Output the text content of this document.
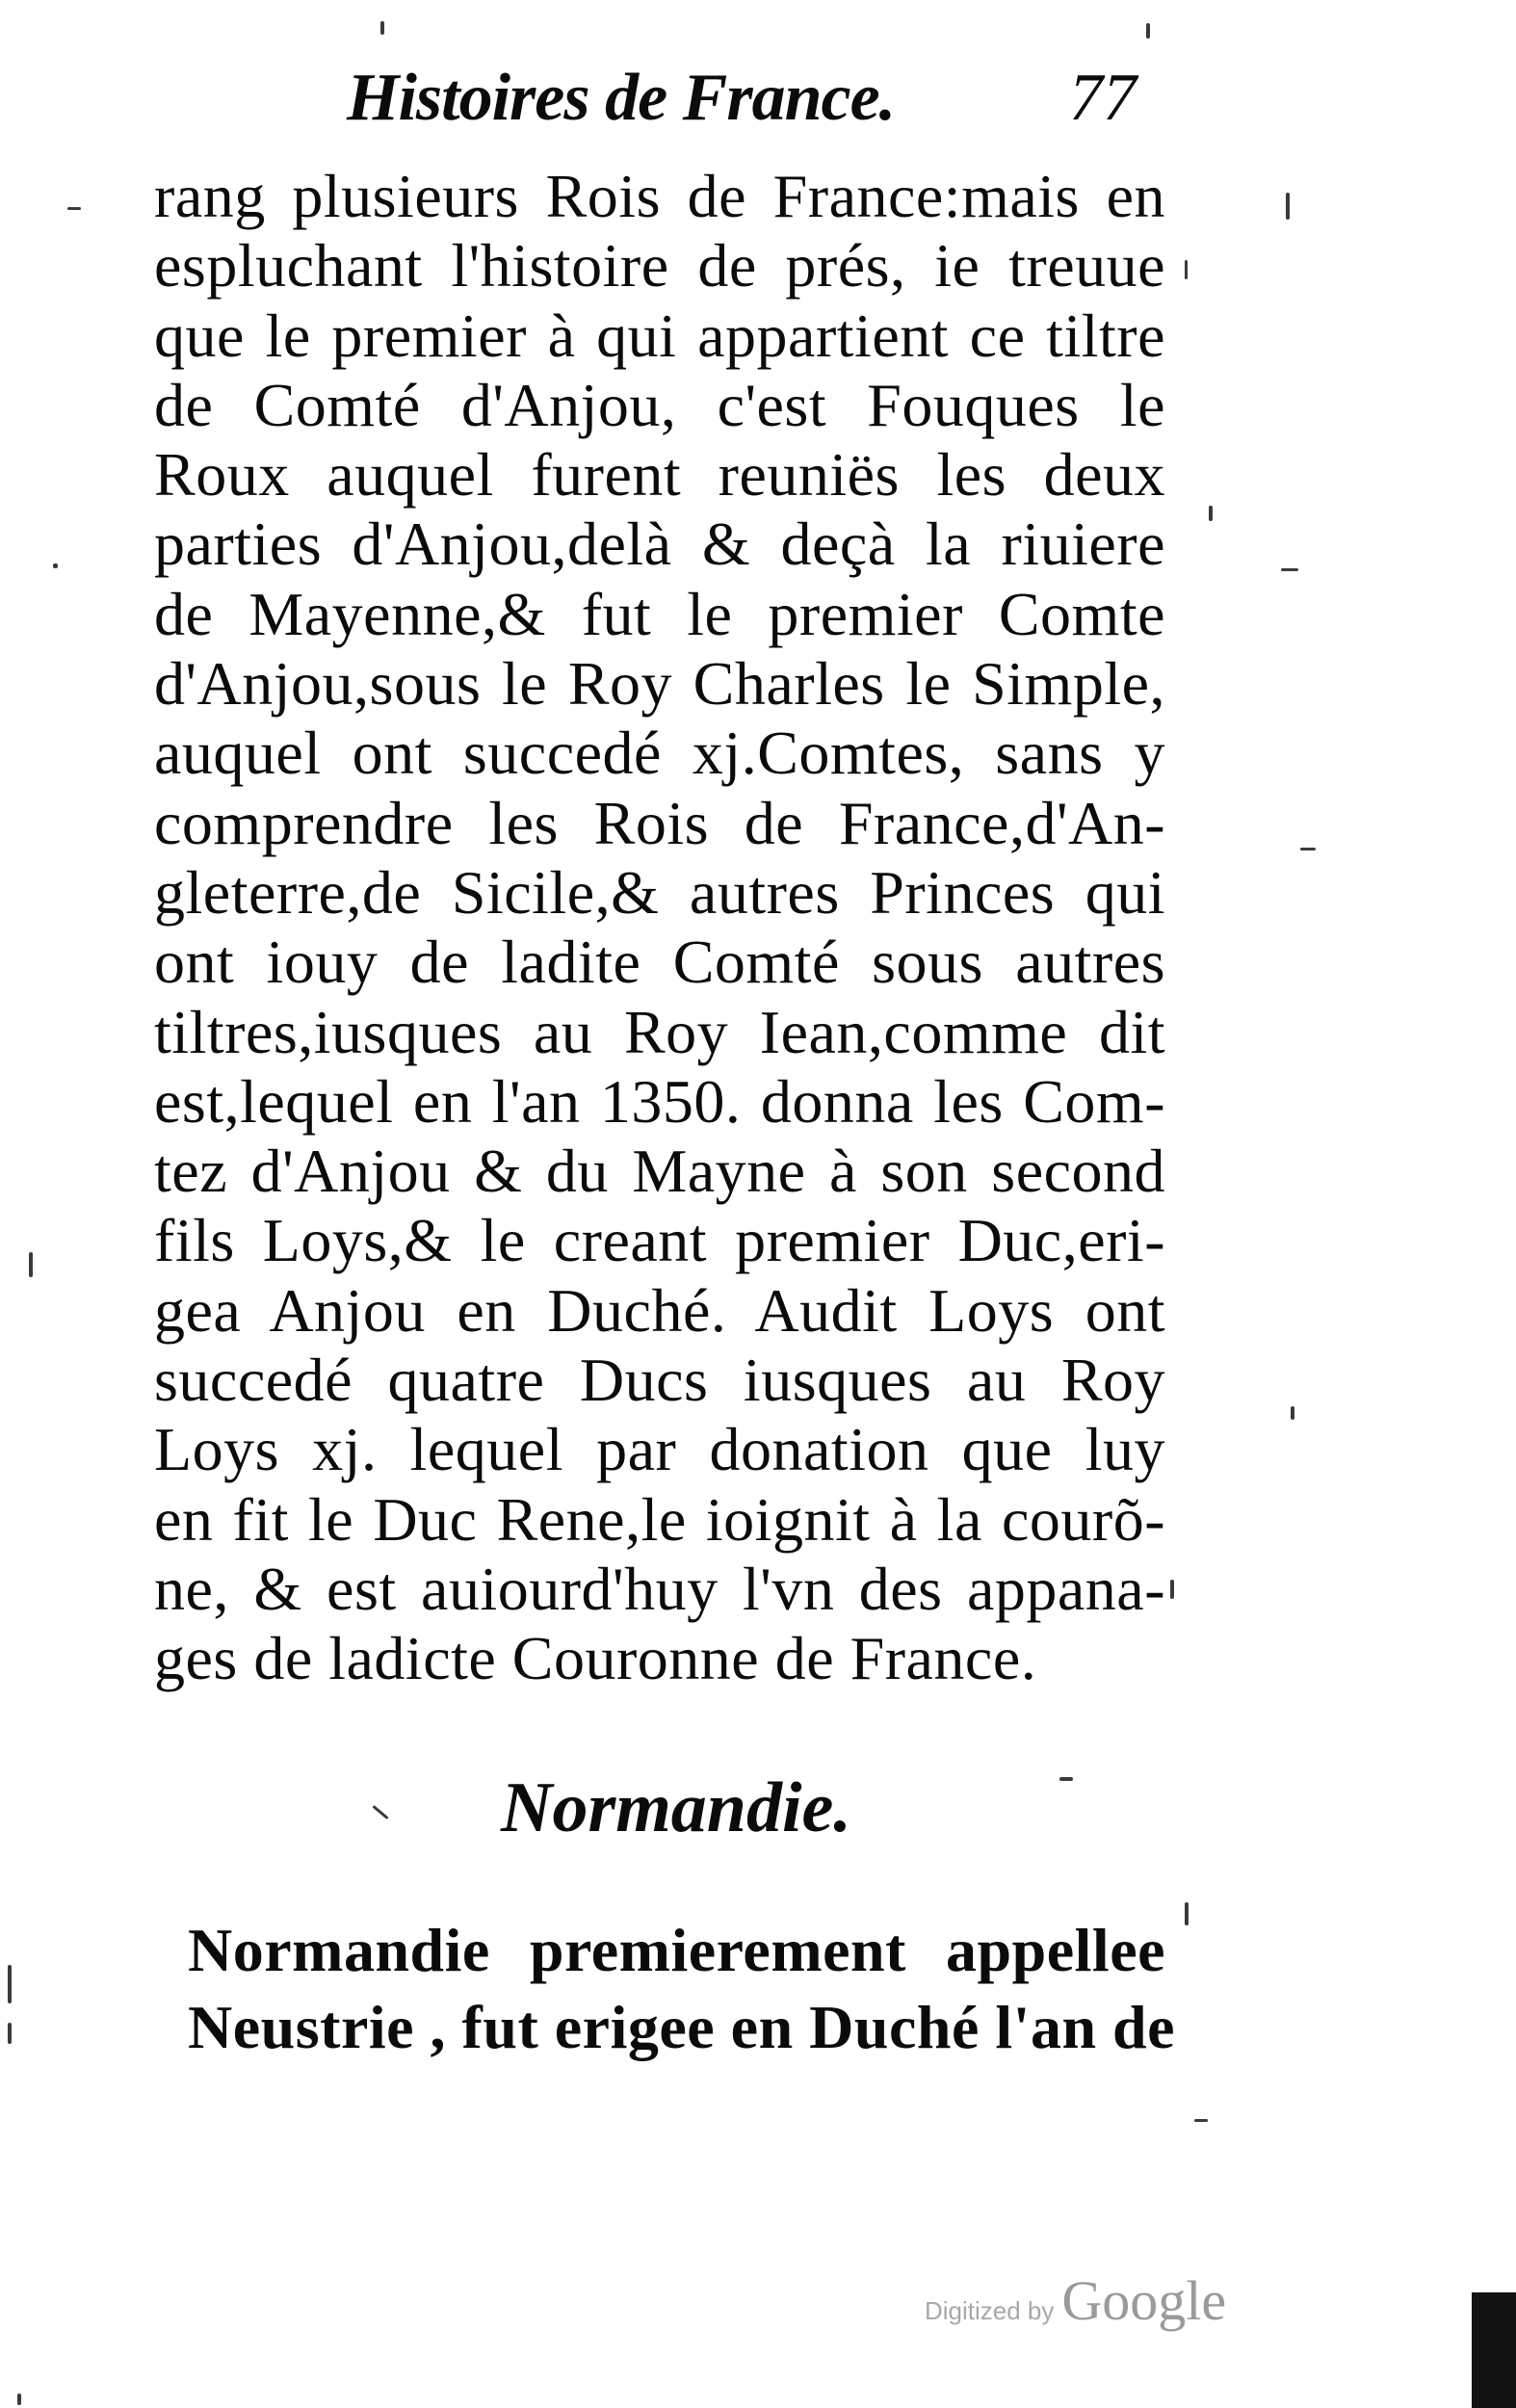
Histoires de France.	77
rang plusieurs Rois de France:mais en
espluchant l'histoire de prés, ie treuue
que le premier à qui appartient ce tiltre
de Comté d'Anjou, c'est Fouques le
Roux auquel furent reuniës les deux
parties d'Anjou,delà & deçà la riuiere
de Mayenne,& fut le premier Comte
d'Anjou,sous le Roy Charles le Simple,
auquel ont succedé xj.Comtes, sans y
comprendre les Rois de France,d'An-
gleterre,de Sicile,& autres Princes qui
ont iouy de ladite Comté sous autres
tiltres,iusques au Roy Iean,comme dit
est,lequel en l'an 1350. donna les Com-
tez d'Anjou & du Mayne à son second
fils Loys,& le creant premier Duc,eri-
gea Anjou en Duché. Audit Loys ont
succedé quatre Ducs iusques au Roy
Loys xj. lequel par donation que luy
en fit le Duc Rene,le ioignit à la courõ-
ne, & est auiourd'huy l'vn des appana-
ges de ladicte Couronne de France.
Normandie.
Normandie premierement appellee
Neustrie , fut erigee en Duché l'an de
Digitized by Google
